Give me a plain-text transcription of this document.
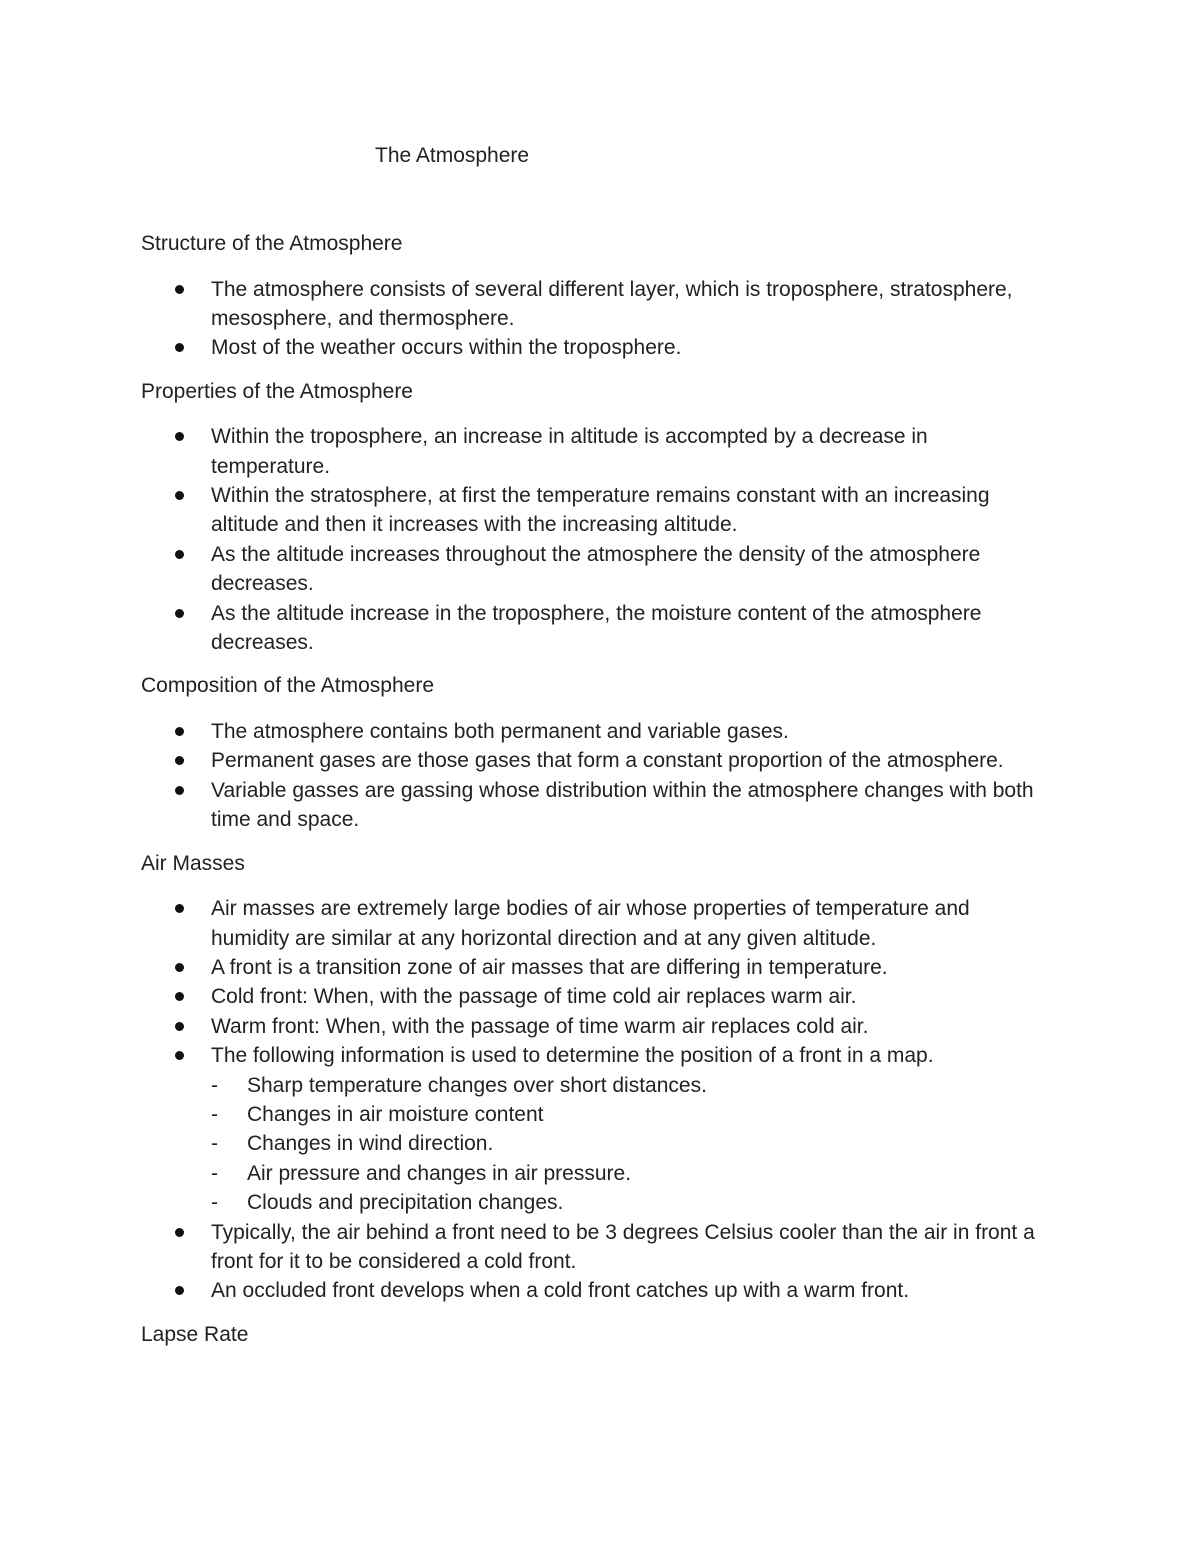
The Atmosphere
Structure of the Atmosphere
The atmosphere consists of several different layer, which is troposphere, stratosphere, mesosphere, and thermosphere.
Most of the weather occurs within the troposphere.
Properties of the Atmosphere
Within the troposphere, an increase in altitude is accompted by a decrease in temperature.
Within the stratosphere, at first the temperature remains constant with an increasing altitude and then it increases with the increasing altitude.
As the altitude increases throughout the atmosphere the density of the atmosphere decreases.
As the altitude increase in the troposphere, the moisture content of the atmosphere decreases.
Composition of the Atmosphere
The atmosphere contains both permanent and variable gases.
Permanent gases are those gases that form a constant proportion of the atmosphere.
Variable gasses are gassing whose distribution within the atmosphere changes with both time and space.
Air Masses
Air masses are extremely large bodies of air whose properties of temperature and humidity are similar at any horizontal direction and at any given altitude.
A front is a transition zone of air masses that are differing in temperature.
Cold front: When, with the passage of time cold air replaces warm air.
Warm front: When, with the passage of time warm air replaces cold air.
The following information is used to determine the position of a front in a map.
- Sharp temperature changes over short distances.
- Changes in air moisture content
- Changes in wind direction.
- Air pressure and changes in air pressure.
- Clouds and precipitation changes.
Typically, the air behind a front need to be 3 degrees Celsius cooler than the air in front a front for it to be considered a cold front.
An occluded front develops when a cold front catches up with a warm front.
Lapse Rate
